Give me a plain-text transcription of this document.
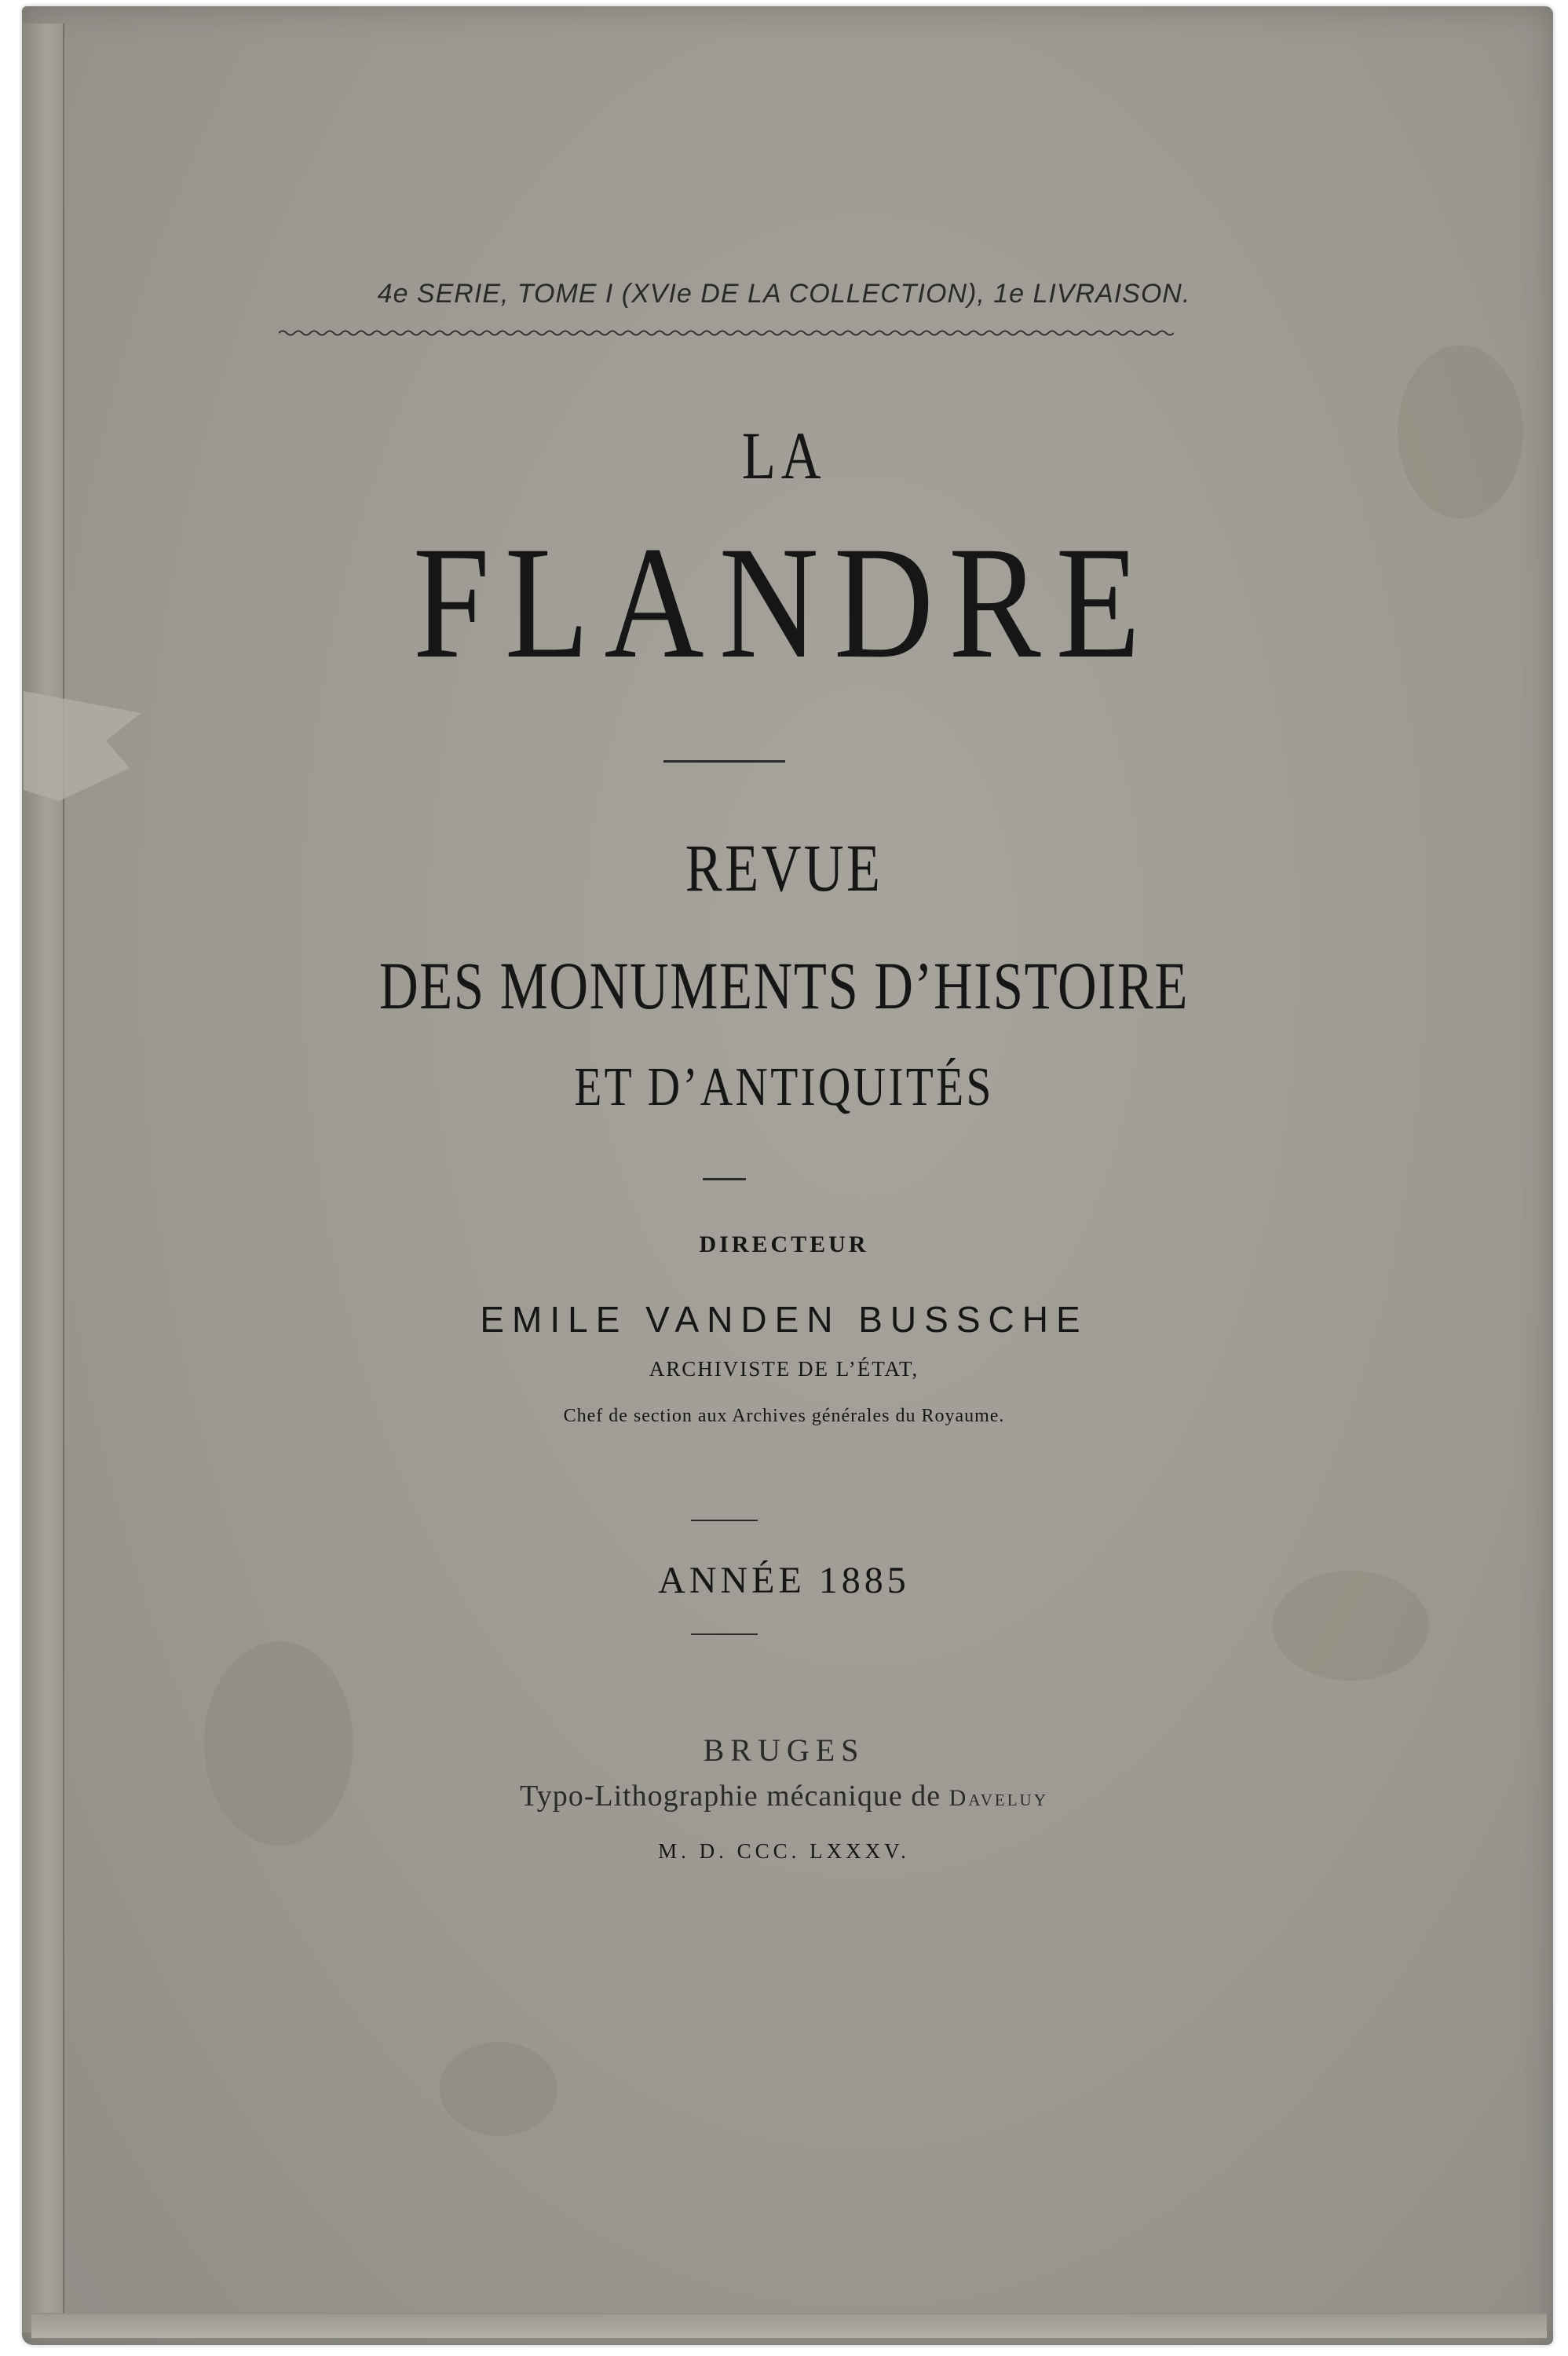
4e SERIE, TOME I (XVIe DE LA COLLECTION), 1e LIVRAISON.
LA
FLANDRE
REVUE
DES MONUMENTS D’HISTOIRE
ET D’ANTIQUITÉS
DIRECTEUR
EMILE VANDEN BUSSCHE
ARCHIVISTE DE L’ÉTAT,
Chef de section aux Archives générales du Royaume.
ANNÉE 1885
BRUGES
Typo-Lithographie mécanique de Daveluy
M. D. CCC. LXXXV.
